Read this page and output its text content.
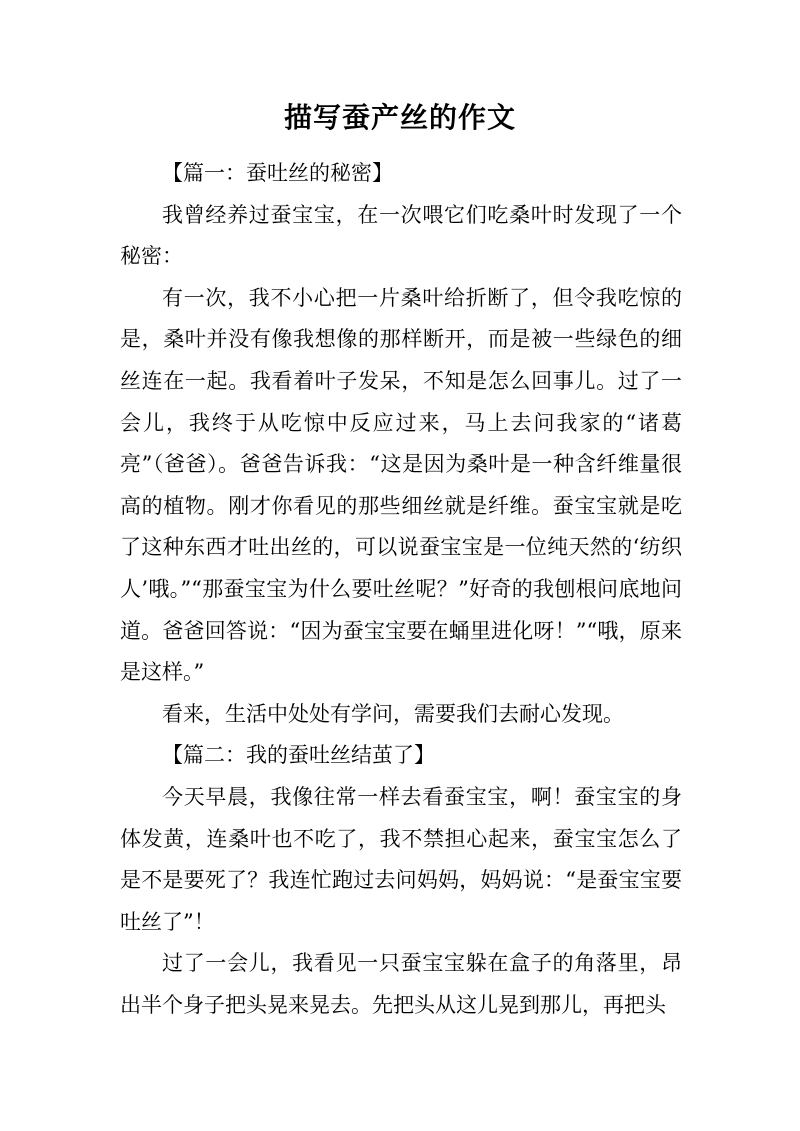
描写蚕产丝的作文
【篇一：蚕吐丝的秘密】

我曾经养过蚕宝宝，在一次喂它们吃桑叶时发现了一个秘密：

有一次，我不小心把一片桑叶给折断了，但令我吃惊的是，桑叶并没有像我想像的那样断开，而是被一些绿色的细丝连在一起。我看着叶子发呆，不知是怎么回事儿。过了一会儿，我终于从吃惊中反应过来，马上去问我家的“诸葛亮”（爸爸）。爸爸告诉我：“这是因为桑叶是一种含纤维量很高的植物。刚才你看见的那些细丝就是纤维。蚕宝宝就是吃了这种东西才吐出丝的，可以说蚕宝宝是一位纯天然的‘纺织人’哦。”“那蚕宝宝为什么要吐丝呢？”好奇的我刨根问底地问道。爸爸回答说：“因为蚕宝宝要在蛹里进化呀！”“哦，原来是这样。”

看来，生活中处处有学问，需要我们去耐心发现。

【篇二：我的蚕吐丝结茧了】

今天早晨，我像往常一样去看蚕宝宝，啊！蚕宝宝的身体发黄，连桑叶也不吃了，我不禁担心起来，蚕宝宝怎么了是不是要死了？我连忙跑过去问妈妈，妈妈说：“是蚕宝宝要吐丝了”！

过了一会儿，我看见一只蚕宝宝躲在盒子的角落里，昂出半个身子把头晃来晃去。先把头从这儿晃到那儿，再把头
